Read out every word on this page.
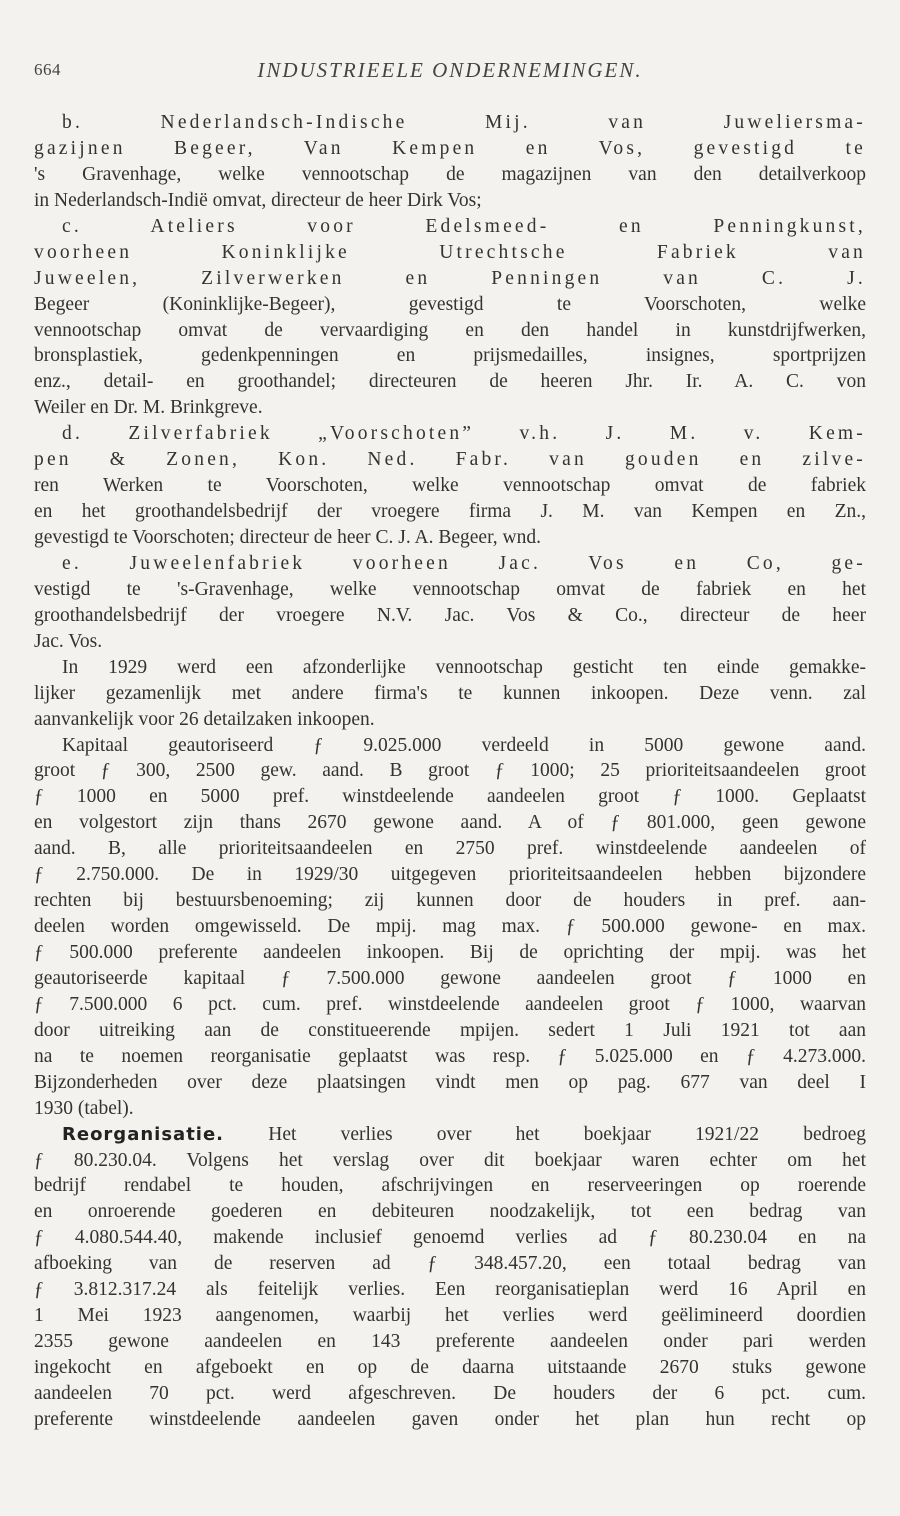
664	INDUSTRIEELE ONDERNEMINGEN.
b. Nederlandsch-Indische Mij. van Juweliersma-
gazijnen Begeer, Van Kempen en Vos, gevestigd te
's Gravenhage, welke vennootschap de magazijnen van den detailverkoop
in Nederlandsch-Indië omvat, directeur de heer Dirk Vos;
c. Ateliers voor Edelsmeed- en Penningkunst,
voorheen Koninklijke Utrechtsche Fabriek van
Juweelen, Zilverwerken en Penningen van C. J.
Begeer (Koninklijke-Begeer), gevestigd te Voorschoten, welke
vennootschap omvat de vervaardiging en den handel in kunstdrijfwerken,
bronsplastiek, gedenkpenningen en prijsmedailles, insignes, sportprijzen
enz., detail- en groothandel; directeuren de heeren Jhr. Ir. A. C. von
Weiler en Dr. M. Brinkgreve.
d. Zilverfabriek „Voorschoten” v.h. J. M. v. Kem-
pen & Zonen, Kon. Ned. Fabr. van gouden en zilve-
ren Werken te Voorschoten, welke vennootschap omvat de fabriek
en het groothandelsbedrijf der vroegere firma J. M. van Kempen en Zn.,
gevestigd te Voorschoten; directeur de heer C. J. A. Begeer, wnd.
e. Juweelenfabriek voorheen Jac. Vos en Co, ge-
vestigd te 's-Gravenhage, welke vennootschap omvat de fabriek en het
groothandelsbedrijf der vroegere N.V. Jac. Vos & Co., directeur de heer
Jac. Vos.
In 1929 werd een afzonderlijke vennootschap gesticht ten einde gemakke-
lijker gezamenlijk met andere firma's te kunnen inkoopen. Deze venn. zal
aanvankelijk voor 26 detailzaken inkoopen.
Kapitaal geautoriseerd ƒ 9.025.000 verdeeld in 5000 gewone aand.
groot ƒ 300, 2500 gew. aand. B groot ƒ 1000; 25 prioriteitsaandeelen groot
ƒ 1000 en 5000 pref. winstdeelende aandeelen groot ƒ 1000. Geplaatst
en volgestort zijn thans 2670 gewone aand. A of ƒ 801.000, geen gewone
aand. B, alle prioriteitsaandeelen en 2750 pref. winstdeelende aandeelen of
ƒ 2.750.000. De in 1929/30 uitgegeven prioriteitsaandeelen hebben bijzondere
rechten bij bestuursbenoeming; zij kunnen door de houders in pref. aan-
deelen worden omgewisseld. De mpij. mag max. ƒ 500.000 gewone- en max.
ƒ 500.000 preferente aandeelen inkoopen. Bij de oprichting der mpij. was het
geautoriseerde kapitaal ƒ 7.500.000 gewone aandeelen groot ƒ 1000 en
ƒ 7.500.000 6 pct. cum. pref. winstdeelende aandeelen groot ƒ 1000, waarvan
door uitreiking aan de constitueerende mpijen. sedert 1 Juli 1921 tot aan
na te noemen reorganisatie geplaatst was resp. ƒ 5.025.000 en ƒ 4.273.000.
Bijzonderheden over deze plaatsingen vindt men op pag. 677 van deel I
1930 (tabel).
Reorganisatie. Het verlies over het boekjaar 1921/22 bedroeg
ƒ 80.230.04. Volgens het verslag over dit boekjaar waren echter om het
bedrijf rendabel te houden, afschrijvingen en reserveeringen op roerende
en onroerende goederen en debiteuren noodzakelijk, tot een bedrag van
ƒ 4.080.544.40, makende inclusief genoemd verlies ad ƒ 80.230.04 en na
afboeking van de reserven ad ƒ 348.457.20, een totaal bedrag van
ƒ 3.812.317.24 als feitelijk verlies. Een reorganisatieplan werd 16 April en
1 Mei 1923 aangenomen, waarbij het verlies werd geëlimineerd doordien
2355 gewone aandeelen en 143 preferente aandeelen onder pari werden
ingekocht en afgeboekt en op de daarna uitstaande 2670 stuks gewone
aandeelen 70 pct. werd afgeschreven. De houders der 6 pct. cum.
preferente winstdeelende aandeelen gaven onder het plan hun recht op
